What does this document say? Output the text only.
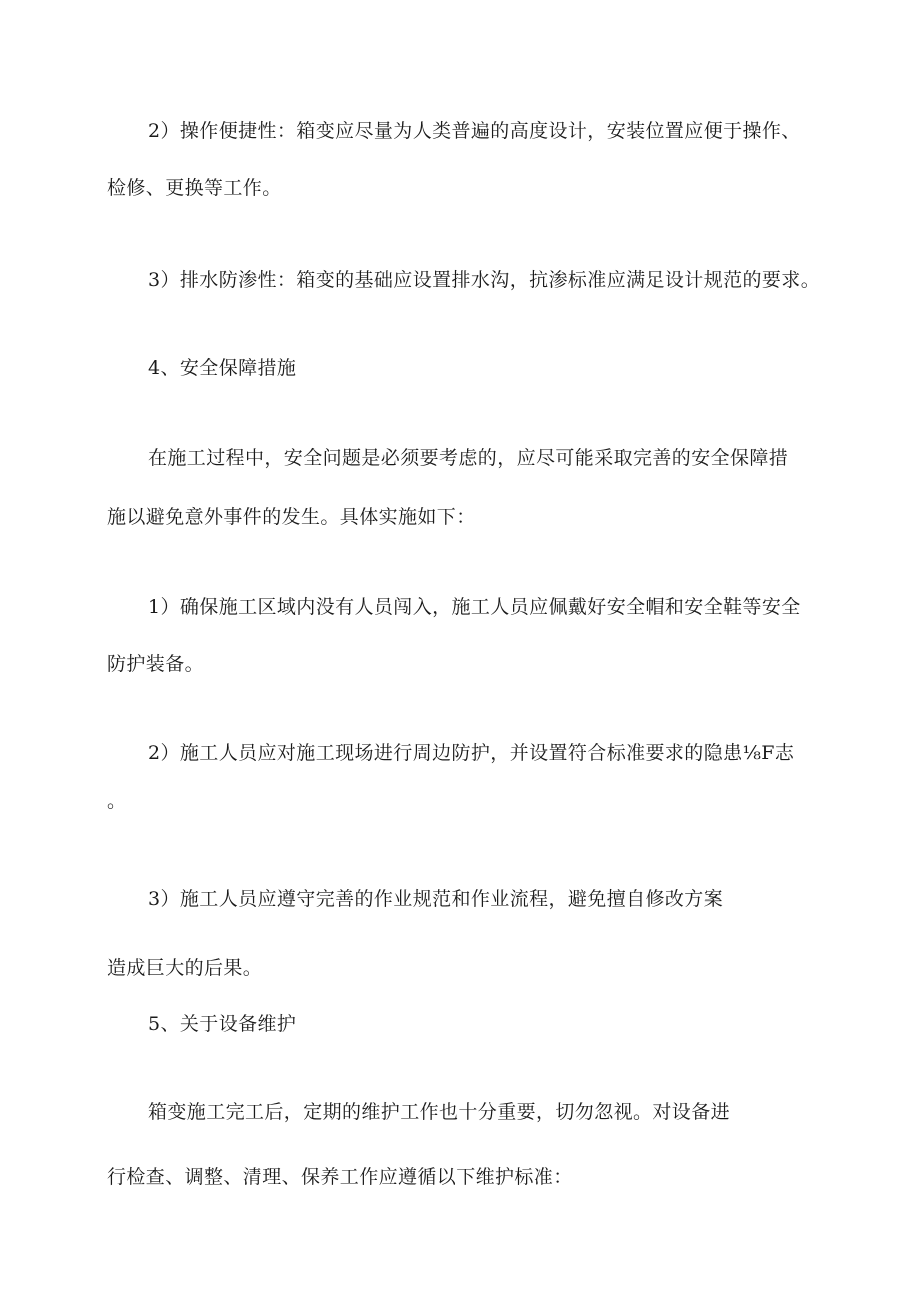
2）操作便捷性：箱变应尽量为人类普遍的高度设计，安装位置应便于操作、
检修、更换等工作。
3）排水防渗性：箱变的基础应设置排水沟，抗渗标准应满足设计规范的要求。
4、安全保障措施
在施工过程中，安全问题是必须要考虑的，应尽可能采取完善的安全保障措
施以避免意外事件的发生。具体实施如下：
1）确保施工区域内没有人员闯入，施工人员应佩戴好安全帽和安全鞋等安全
防护装备。
2）施工人员应对施工现场进行周边防护，并设置符合标准要求的隐患⅛F志
。
3）施工人员应遵守完善的作业规范和作业流程，避免擅自修改方案
造成巨大的后果。
5、关于设备维护
箱变施工完工后，定期的维护工作也十分重要，切勿忽视。对设备进
行检查、调整、清理、保养工作应遵循以下维护标准：
